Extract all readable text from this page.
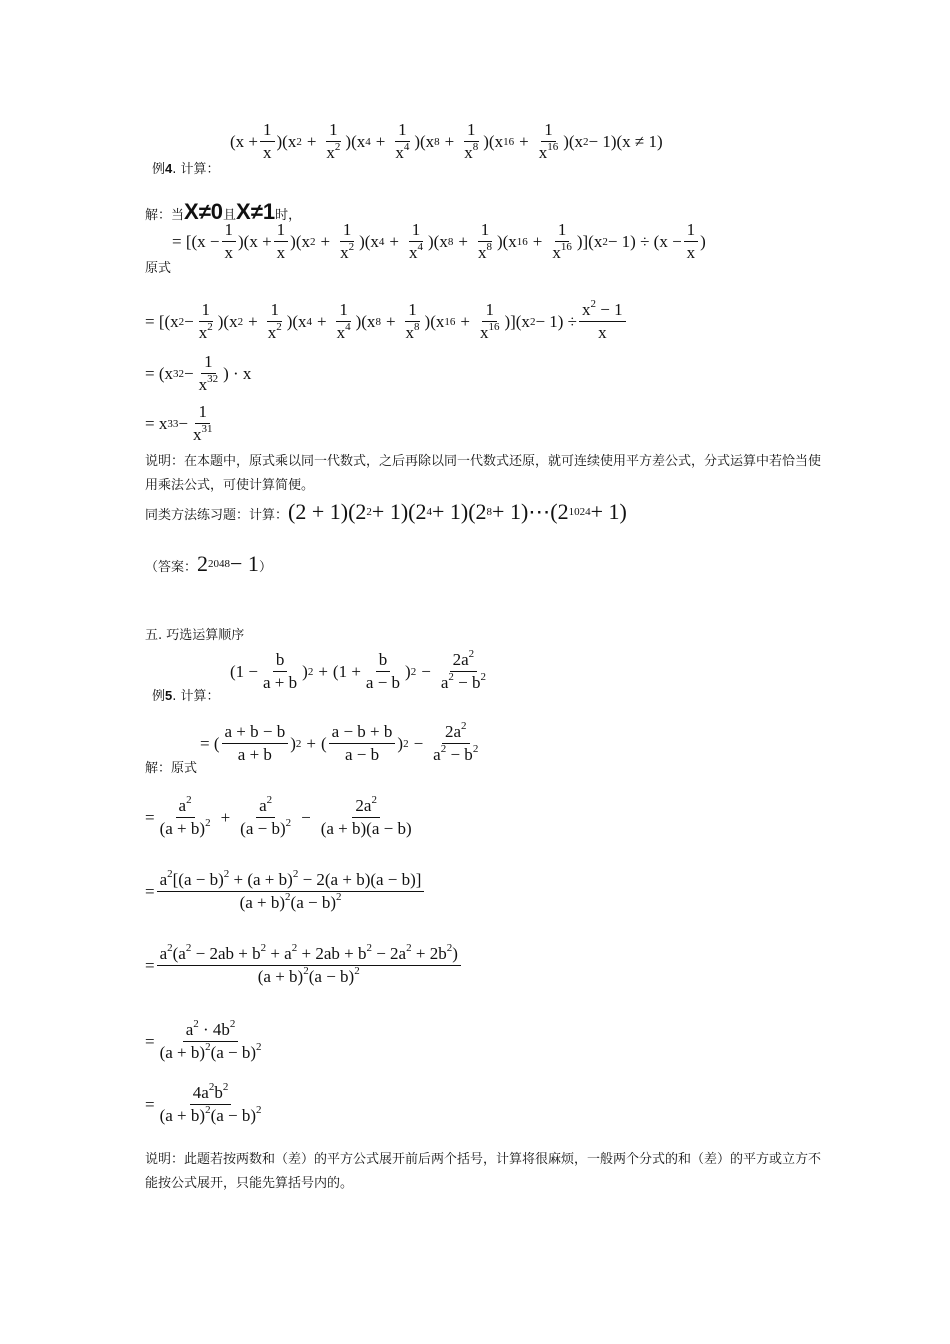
(x +
1
x
)(x $2 + \frac{1}{x^2} )(x$ $4 + \frac{1}{x^4} )(x$ $8 + \frac{1}{x^8} )(x$ $16 + \frac{1}{x^{16}} )(x$ 2 − 1)(x ≠ 1)
例4. 计算：
解：当X≠0且X≠1时，
= [(x −
1
x
)(x +
1
x
)(x $2 + \frac{1}{x^2} )(x$ $4 + \frac{1}{x^4} )(x$ $8 + \frac{1}{x^8} )(x$ $16 + \frac{1}{x^{16}} )](x$ 2 − 1) ÷ (x −
1
x
)
原式
= [(x 2 −
1
$x^2$ )(x $2 + \frac{1}{x^2} )(x$ $4 + \frac{1}{x^4} )(x$ $8 + \frac{1}{x^8} )(x$ $16 + \frac{1}{x^{16}} )](x$ 2 − 1) ÷
$x^2 - 1$
x
= (x 32 −
1
$x^{32}$ ) · x
= x 33 −
1
$x^{31}$
说明：在本题中，原式乘以同一代数式，之后再除以同一代数式还原，就可连续使用平方差公式，分式运算中若恰当使用乘法公式，可使计算简便。
同类方法练习题：计算：(2 + 1)(2 2 + 1)(2 4 + 1)(2 8 + 1)⋯(2 1024 + 1)
（答案：2 2048 − 1）
五. 巧选运算顺序
(1 −
b
a + b
) $2 + (1 + \frac{b}{a - b}$ ) $2 - \frac{2a^2}{a^2 - b^2}$
例5. 计算：
= (
a + b − b
a + b
) 2 + ( $\frac{a - b + b}{a - b}$ ) $2 - \frac{2a^2}{a^2 - b^2}$
解：原式
=
$a^2$
$(a + b)^2 + \frac{a^2}{(a - b)^2} - \frac{2a^2}{(a + b)(a - b)}$
=
$a^2[(a - b)^2 + (a + b)^2 - 2(a + b)(a - b)]$
$(a + b)^2(a - b)^2$
=
$a^2(a^2 - 2ab + b^2 + a^2 + 2ab + b^2 - 2a^2 + 2b^2)$
$(a + b)^2(a - b)^2$
=
$a^2 \cdot 4b^2$
$(a + b)^2(a - b)^2$
=
$4a^2b^2$
$(a + b)^2(a - b)^2$
说明：此题若按两数和（差）的平方公式展开前后两个括号，计算将很麻烦，一般两个分式的和（差）的平方或立方不能按公式展开，只能先算括号内的。
